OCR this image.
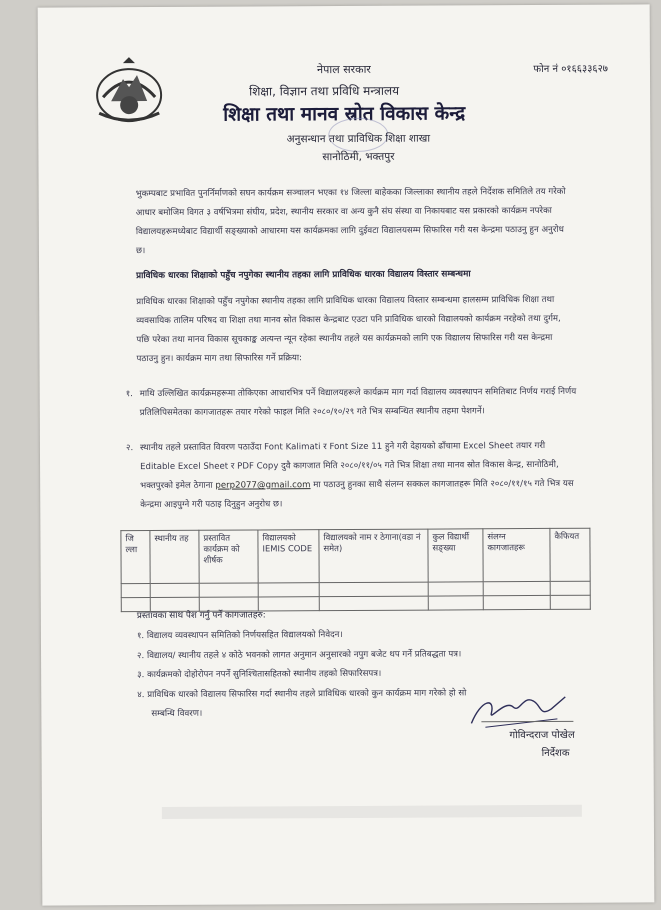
नेपाल सरकार
शिक्षा, विज्ञान तथा प्रविधि मन्त्रालय
शिक्षा तथा मानव स्रोत विकास केन्द्र
अनुसन्धान तथा प्राविधिक शिक्षा शाखा
सानोठिमी, भक्तपुर
फोन नं ०१६६३३६२७
भुकम्पबाट प्रभावित पुनर्निर्माणको सघन कार्यक्रम सञ्चालन भएका १४ जिल्ला बाहेकका जिल्लाका स्थानीय तहले निर्देशक समितिले तय गरेको आधार बमोजिम विगत ३ वर्षभित्रमा संघीय, प्रदेश, स्थानीय सरकार वा अन्य कुनै संघ संस्था वा निकायबाट यस प्रकारको कार्यक्रम नपरेका विद्यालयहरूमध्येबाट विद्यार्थी सङ्ख्याको आधारमा यस कार्यक्रमका लागि दुईवटा विद्यालयसम्म सिफारिस गरी यस केन्द्रमा पठाउनु हुन अनुरोध छ।
प्राविधिक धारका शिक्षाको पहुँच नपुगेका स्थानीय तहका लागि प्राविधिक धारका विद्यालय विस्तार सम्बन्धमा
प्राविधिक धारका शिक्षाको पहुँच नपुगेका स्थानीय तहका लागि प्राविधिक धारका विद्यालय विस्तार सम्बन्धमा हालसम्म प्राविधिक शिक्षा तथा व्यवसायिक तालिम परिषद वा शिक्षा तथा मानव स्रोत विकास केन्द्रबाट एउटा पनि प्राविधिक धारको विद्यालयको कार्यक्रम नरहेको तथा दुर्गम, पछि परेका तथा मानव विकास सूचकाङ्क अत्यन्त न्यून रहेका स्थानीय तहले यस कार्यक्रमको लागि एक विद्यालय सिफारिस गरी यस केन्द्रमा पठाउनु हुन। कार्यक्रम माग तथा सिफारिस गर्ने प्रक्रिया:
१. माथि उल्लिखित कार्यक्रमहरूमा तोकिएका आधारभित्र पर्ने विद्यालयहरूले कार्यक्रम माग गर्दा विद्यालय व्यवस्थापन समितिबाट निर्णय गराई निर्णय प्रतिलिपिसमेतका कागजातहरू तयार गरेको फाइल मिति २०८०/१०/२९ गते भित्र सम्बन्धित स्थानीय तहमा पेशगर्ने।
२. स्थानीय तहले प्रस्तावित विवरण पठाउँदा Font Kalimati र Font Size 11 हुने गरी देहायको ढाँचामा Excel Sheet तयार गरी Editable Excel Sheet र PDF Copy दुवै कागजात मिति २०८०/११/०५ गते भित्र शिक्षा तथा मानव स्रोत विकास केन्द्र, सानोठिमी, भक्तपुरको इमेल ठेगाना perp2077@gmail.com मा पठाउनु हुनका साथै संलग्न सक्कल कागजातहरू मिति २०८०/११/१५ गते भित्र यस केन्द्रमा आइपुग्ने गरी पठाइ दिनुहुन अनुरोध छ।
जि ल्ला	स्थानीय तह	प्रस्तावित कार्यक्रम को शीर्षक	विद्यालयको IEMIS CODE	विद्यालयको नाम र ठेगाना(वडा नं समेत)	कुल विद्यार्थी सङ्ख्या	संलग्न कागजातहरू	कैफियत

प्रस्तावका साथ पेश गर्नु पर्ने कागजातहरु:
१. विद्यालय व्यवस्थापन समितिको निर्णयसहित विद्यालयको निवेदन।
२. विद्यालय/ स्थानीय तहले ४ कोठे भवनको लागत अनुमान अनुसारको नपुग बजेट थप गर्ने प्रतिबद्धता पत्र।
३. कार्यक्रमको दोहोरोपन नपर्ने सुनिश्चितासहितको स्थानीय तहको सिफारिसपत्र।
४. प्राविधिक धारको विद्यालय सिफारिस गर्दा स्थानीय तहले प्राविधिक धारको कुन कार्यक्रम माग गरेको हो सो
सम्बन्धि विवरण।
गोविन्दराज पोखेल
निर्देशक
